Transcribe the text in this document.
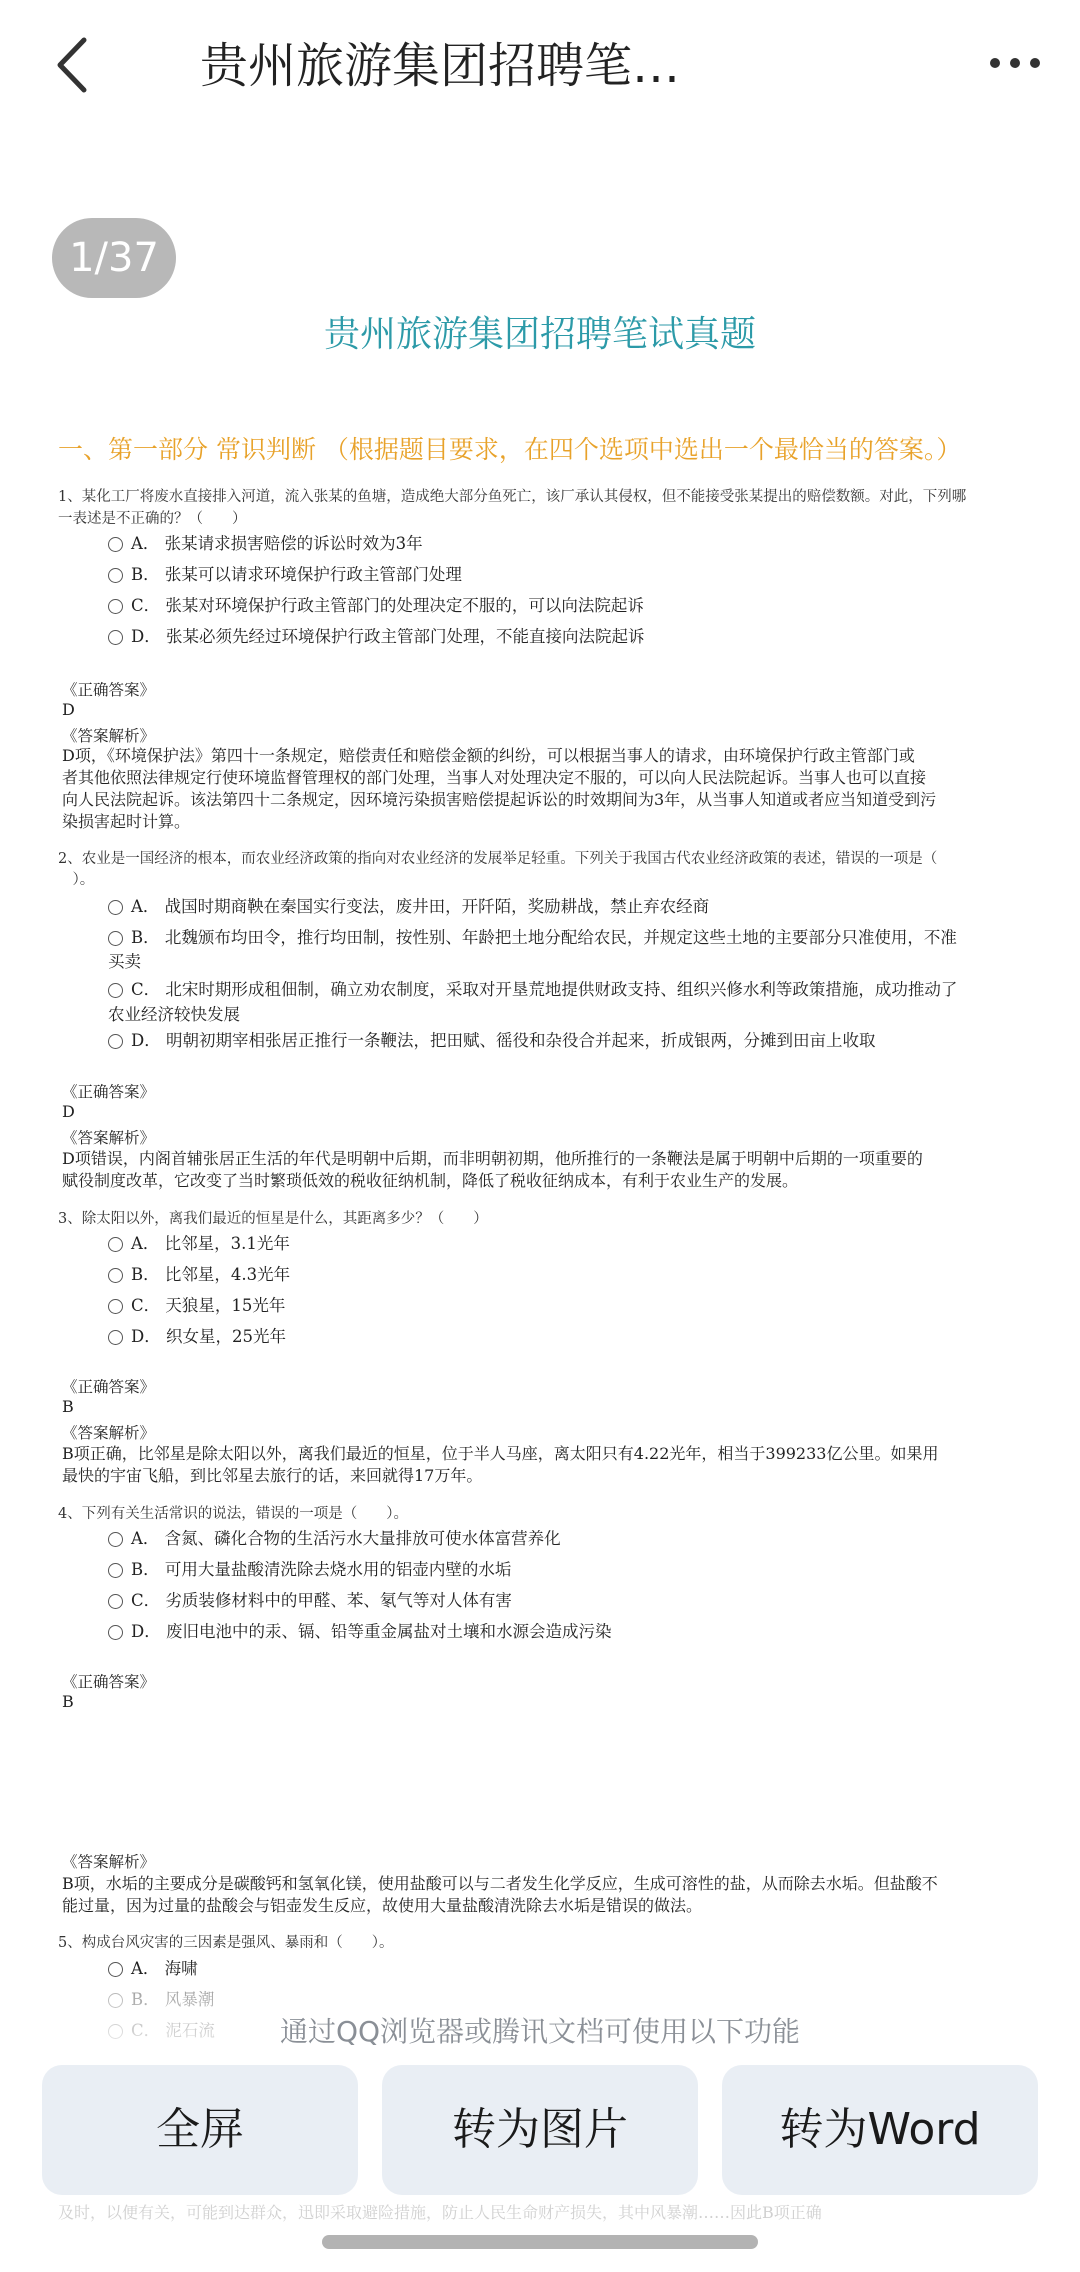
贵州旅游集团招聘笔试真题
一、第一部分 常识判断 （根据题目要求，在四个选项中选出一个最恰当的答案。）
1、某化工厂将废水直接排入河道，流入张某的鱼塘，造成绝大部分鱼死亡，该厂承认其侵权，但不能接受张某提出的赔偿数额。对此，下列哪
一表述是不正确的？（　　）
A． 张某请求损害赔偿的诉讼时效为3年
B． 张某可以请求环境保护行政主管部门处理
C． 张某对环境保护行政主管部门的处理决定不服的，可以向法院起诉
D． 张某必须先经过环境保护行政主管部门处理，不能直接向法院起诉
《正确答案》
D
《答案解析》
D项，《环境保护法》第四十一条规定，赔偿责任和赔偿金额的纠纷，可以根据当事人的请求，由环境保护行政主管部门或
者其他依照法律规定行使环境监督管理权的部门处理，当事人对处理决定不服的，可以向人民法院起诉。当事人也可以直接
向人民法院起诉。该法第四十二条规定，因环境污染损害赔偿提起诉讼的时效期间为3年，从当事人知道或者应当知道受到污
染损害起时计算。
2、农业是一国经济的根本，而农业经济政策的指向对农业经济的发展举足轻重。下列关于我国古代农业经济政策的表述，错误的一项是（
　）。
A． 战国时期商鞅在秦国实行变法，废井田，开阡陌，奖励耕战，禁止弃农经商
B． 北魏颁布均田令，推行均田制，按性别、年龄把土地分配给农民，并规定这些土地的主要部分只准使用，不准
买卖
C． 北宋时期形成租佃制，确立劝农制度，采取对开垦荒地提供财政支持、组织兴修水利等政策措施，成功推动了
农业经济较快发展
D． 明朝初期宰相张居正推行一条鞭法，把田赋、徭役和杂役合并起来，折成银两，分摊到田亩上收取
《正确答案》
D
《答案解析》
D项错误，内阁首辅张居正生活的年代是明朝中后期，而非明朝初期，他所推行的一条鞭法是属于明朝中后期的一项重要的
赋役制度改革，它改变了当时繁琐低效的税收征纳机制，降低了税收征纳成本，有利于农业生产的发展。
3、除太阳以外，离我们最近的恒星是什么，其距离多少？（　　）
A． 比邻星，3.1光年
B． 比邻星，4.3光年
C． 天狼星，15光年
D． 织女星，25光年
《正确答案》
B
《答案解析》
B项正确，比邻星是除太阳以外，离我们最近的恒星，位于半人马座，离太阳只有4.22光年，相当于399233亿公里。如果用
最快的宇宙飞船，到比邻星去旅行的话，来回就得17万年。
4、下列有关生活常识的说法，错误的一项是（　　）。
A． 含氮、磷化合物的生活污水大量排放可使水体富营养化
B． 可用大量盐酸清洗除去烧水用的铝壶内壁的水垢
C． 劣质装修材料中的甲醛、苯、氡气等对人体有害
D． 废旧电池中的汞、镉、铅等重金属盐对土壤和水源会造成污染
《正确答案》
B
《答案解析》
B项，水垢的主要成分是碳酸钙和氢氧化镁，使用盐酸可以与二者发生化学反应，生成可溶性的盐，从而除去水垢。但盐酸不
能过量，因为过量的盐酸会与铝壶发生反应，故使用大量盐酸清洗除去水垢是错误的做法。
5、构成台风灾害的三因素是强风、暴雨和（　　）。
A． 海啸
贵州旅游集团招聘笔…
1/37
及时，以便有关，可能到达群众，迅即采取避险措施，防止人民生命财产损失，其中风暴潮……因此B项正确
通过QQ浏览器或腾讯文档可使用以下功能
全屏	转为图片	转为Word
